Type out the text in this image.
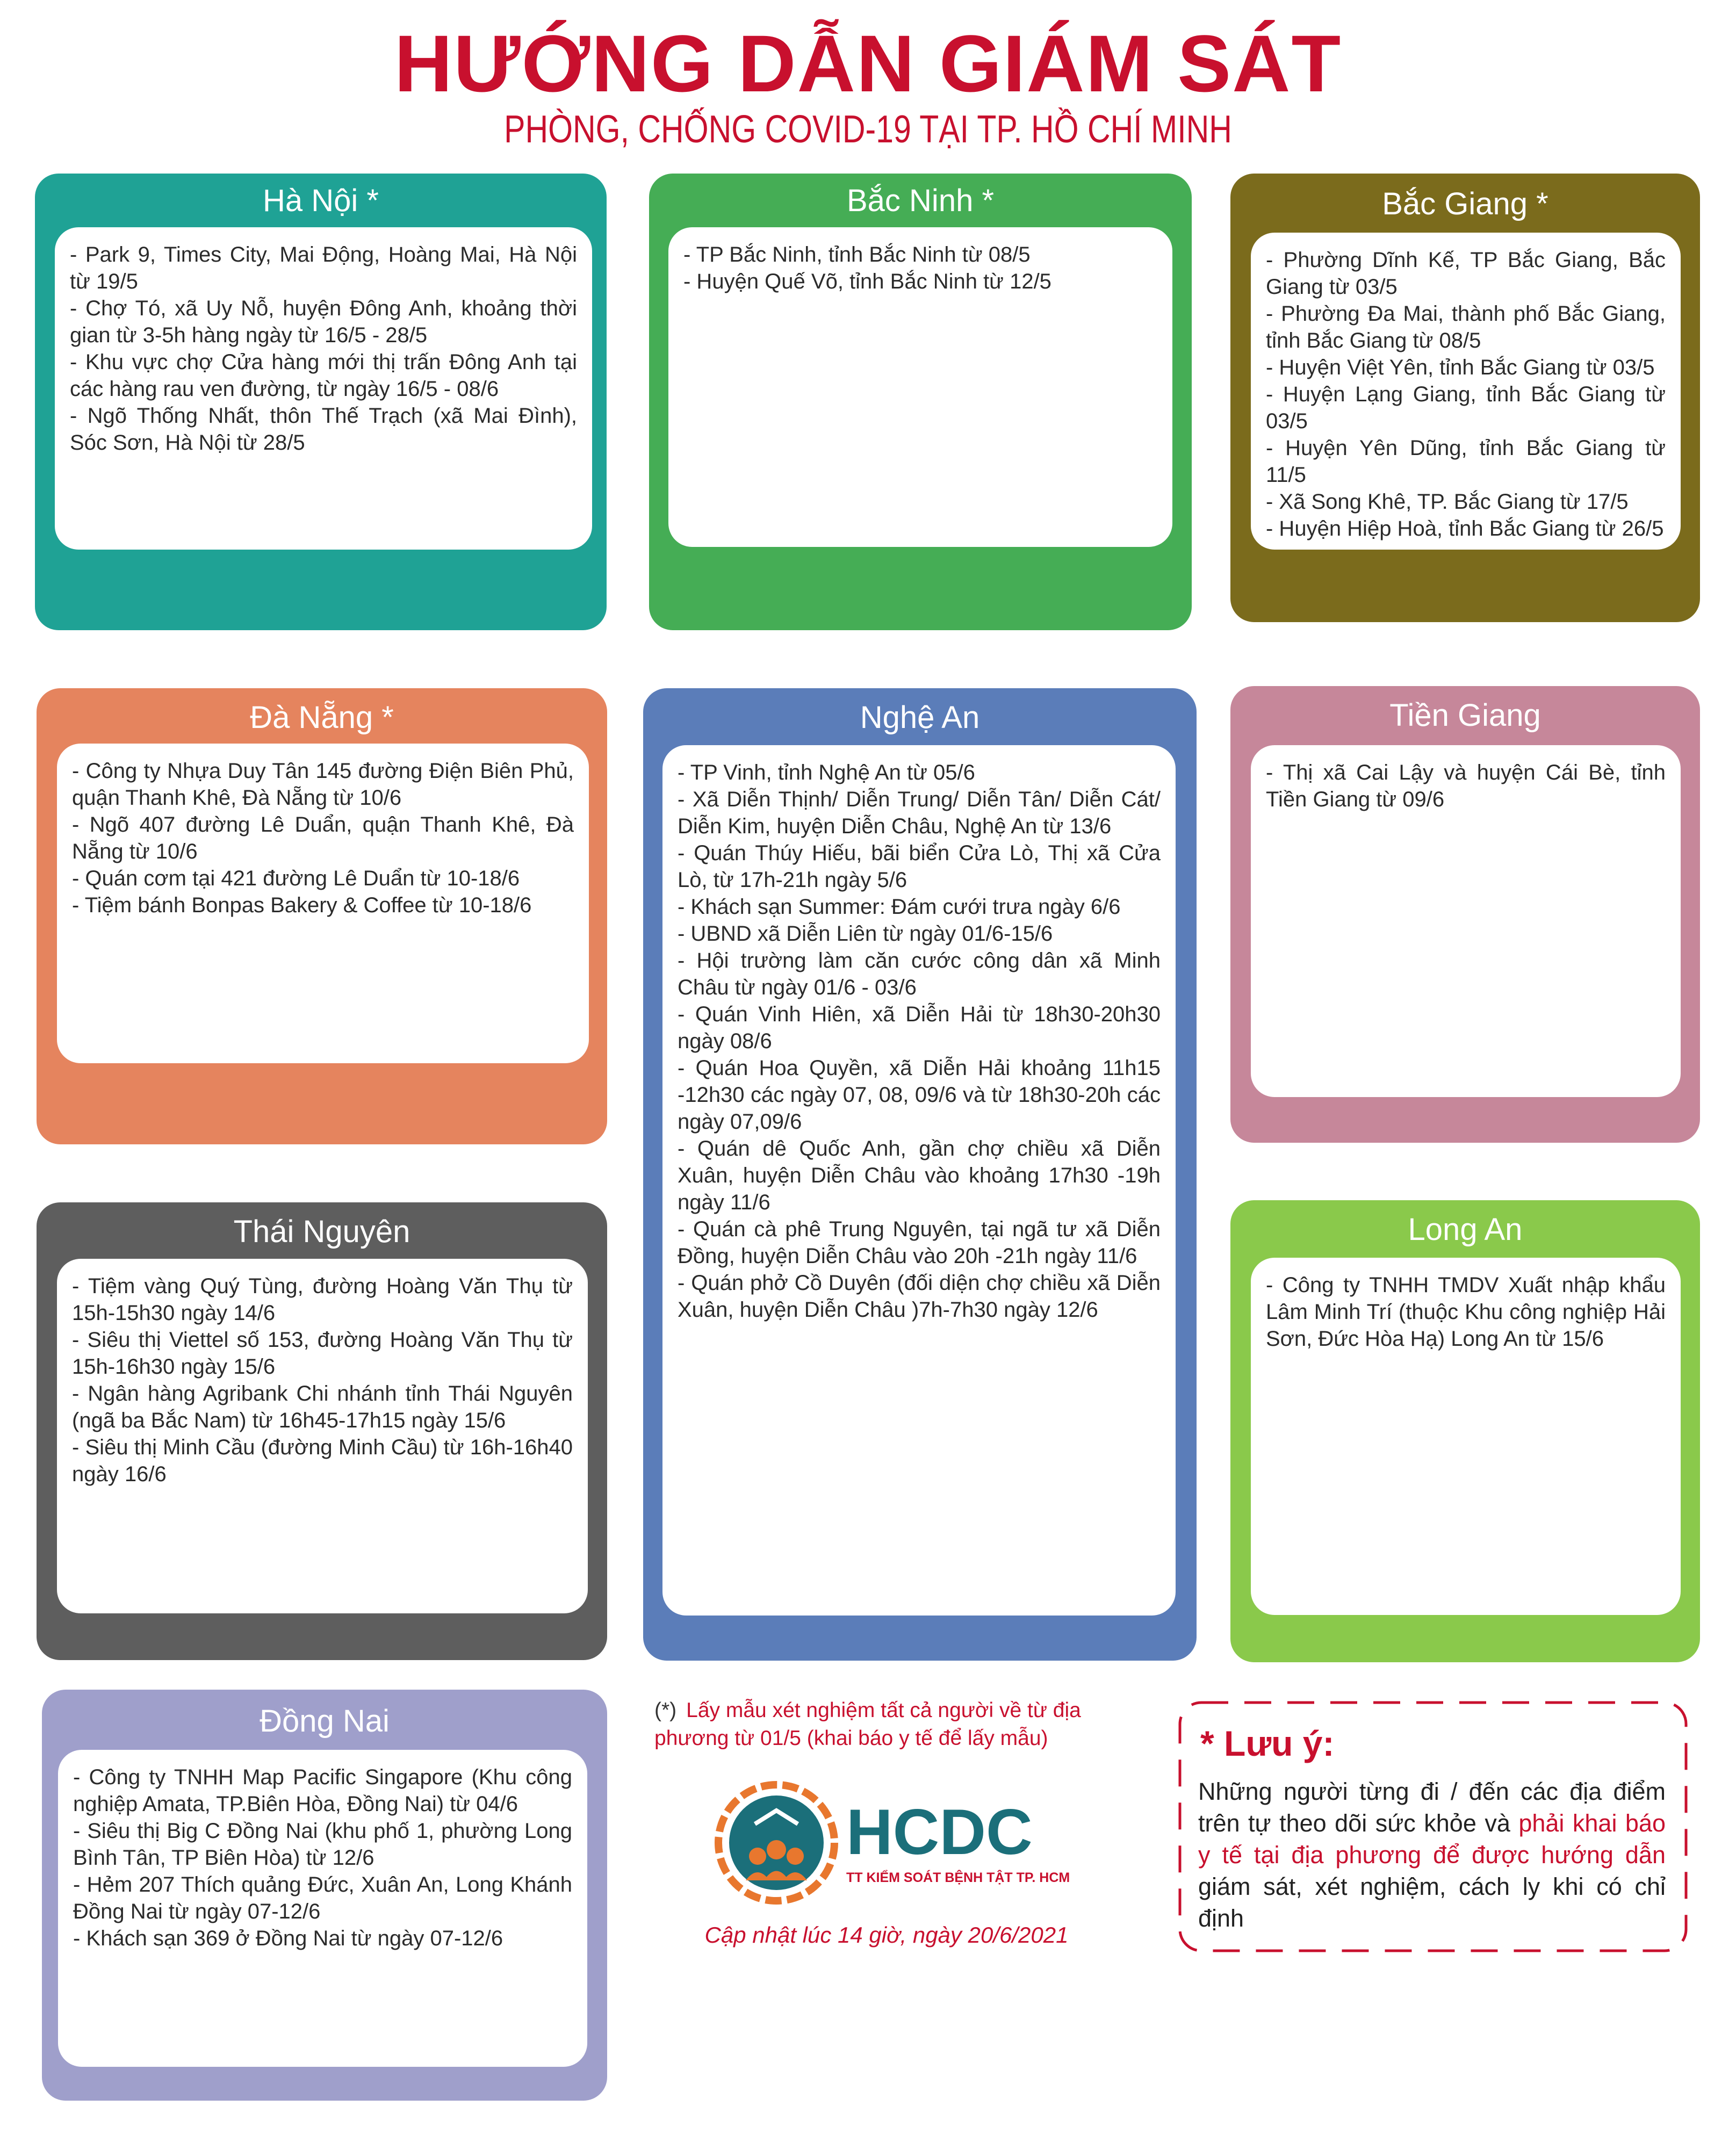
HƯỚNG DẪN GIÁM SÁT
PHÒNG, CHỐNG COVID-19 TẠI TP. HỒ CHÍ MINH
Hà Nội *
- Park 9, Times City, Mai Động, Hoàng Mai, Hà Nội từ 19/5
- Chợ Tó, xã Uy Nỗ, huyện Đông Anh, khoảng thời gian từ 3-5h hàng ngày từ 16/5 - 28/5
- Khu vực chợ Cửa hàng mới thị trấn Đông Anh tại các hàng rau ven đường, từ ngày 16/5 - 08/6
- Ngõ Thống Nhất, thôn Thế Trạch (xã Mai Đình), Sóc Sơn, Hà Nội từ 28/5
Bắc Ninh *
- TP Bắc Ninh, tỉnh Bắc Ninh từ 08/5
- Huyện Quế Võ, tỉnh Bắc Ninh từ 12/5
Bắc Giang *
- Phường Dĩnh Kế, TP Bắc Giang, Bắc Giang từ 03/5
- Phường Đa Mai, thành phố Bắc Giang, tỉnh Bắc Giang từ 08/5
- Huyện Việt Yên, tỉnh Bắc Giang từ 03/5
- Huyện Lạng Giang, tỉnh Bắc Giang từ 03/5
- Huyện Yên Dũng, tỉnh Bắc Giang từ 11/5
- Xã Song Khê, TP. Bắc Giang từ 17/5
- Huyện Hiệp Hoà, tỉnh Bắc Giang từ 26/5
Đà Nẵng *
- Công ty Nhựa Duy Tân 145 đường Điện Biên Phủ, quận Thanh Khê, Đà Nẵng từ 10/6
- Ngõ 407 đường Lê Duẩn, quận Thanh Khê, Đà Nẵng từ 10/6
- Quán cơm tại 421 đường Lê Duẩn từ 10-18/6
- Tiệm bánh Bonpas Bakery & Coffee từ 10-18/6
Nghệ An
- TP Vinh, tỉnh Nghệ An từ 05/6
- Xã Diễn Thịnh/ Diễn Trung/ Diễn Tân/ Diễn Cát/ Diễn Kim, huyện Diễn Châu, Nghệ An từ 13/6
- Quán Thúy Hiếu, bãi biển Cửa Lò, Thị xã Cửa Lò, từ 17h-21h ngày 5/6
- Khách sạn Summer: Đám cưới trưa ngày 6/6
- UBND xã Diễn Liên từ ngày 01/6-15/6
- Hội trường làm căn cước công dân xã Minh Châu từ ngày 01/6 - 03/6
- Quán Vinh Hiên, xã Diễn Hải từ 18h30-20h30 ngày 08/6
- Quán Hoa Quyền, xã Diễn Hải khoảng 11h15 -12h30 các ngày 07, 08, 09/6 và từ 18h30-20h các ngày 07,09/6
- Quán dê Quốc Anh, gần chợ chiều xã Diễn Xuân, huyện Diễn Châu vào khoảng 17h30 -19h ngày 11/6
- Quán cà phê Trung Nguyên, tại ngã tư xã Diễn Đồng, huyện Diễn Châu vào 20h -21h ngày 11/6
- Quán phở Cồ Duyên (đối diện chợ chiều xã Diễn Xuân, huyện Diễn Châu )7h-7h30 ngày 12/6
Tiền Giang
- Thị xã Cai Lậy và huyện Cái Bè, tỉnh Tiền Giang từ 09/6
Thái Nguyên
- Tiệm vàng Quý Tùng, đường Hoàng Văn Thụ từ 15h-15h30 ngày 14/6
- Siêu thị Viettel số 153, đường Hoàng Văn Thụ từ 15h-16h30 ngày 15/6
- Ngân hàng Agribank Chi nhánh tỉnh Thái Nguyên (ngã ba Bắc Nam) từ 16h45-17h15 ngày 15/6
- Siêu thị Minh Cầu (đường Minh Cầu) từ 16h-16h40 ngày 16/6
Long An
- Công ty TNHH TMDV Xuất nhập khẩu Lâm Minh Trí (thuộc Khu công nghiệp Hải Sơn, Đức Hòa Hạ) Long An từ 15/6
Đồng Nai
- Công ty TNHH Map Pacific Singapore (Khu công nghiệp Amata, TP.Biên Hòa, Đồng Nai) từ 04/6
- Siêu thị Big C Đồng Nai (khu phố 1, phường Long Bình Tân, TP Biên Hòa) từ 12/6
- Hẻm 207 Thích quảng Đức, Xuân An, Long Khánh Đồng Nai từ ngày 07-12/6
- Khách sạn 369 ở Đồng Nai từ ngày 07-12/6
(*) Lấy mẫu xét nghiệm tất cả người về từ địa phương từ 01/5 (khai báo y tế để lấy mẫu)
HCDC
TT KIỂM SOÁT BỆNH TẬT TP. HCM
Cập nhật lúc 14 giờ, ngày 20/6/2021
* Lưu ý:
Những người từng đi / đến các địa điểm trên tự theo dõi sức khỏe và phải khai báo y tế tại địa phương để được hướng dẫn giám sát, xét nghiệm, cách ly khi có chỉ định
